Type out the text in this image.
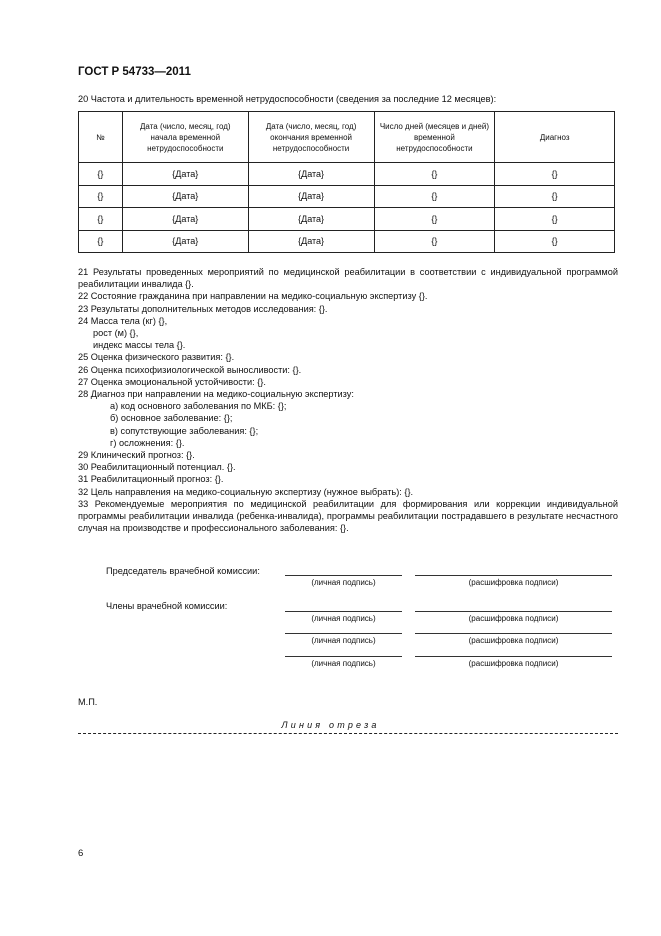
ГОСТ Р 54733—2011
20 Частота и длительность временной нетрудоспособности (сведения за последние 12 месяцев):
№	Дата (число, месяц, год) начала временной нетрудоспособности	Дата (число, месяц, год) окончания временной нетрудоспособности	Число дней (месяцев и дней) временной нетрудоспособности	Диагноз
{}	{Дата}	{Дата}	{}	{}
{}	{Дата}	{Дата}	{}	{}
{}	{Дата}	{Дата}	{}	{}
{}	{Дата}	{Дата}	{}	{}
21 Результаты проведенных мероприятий по медицинской реабилитации в соответствии с индивидуальной программой реабилитации инвалида {}.
22 Состояние гражданина при направлении на медико-социальную экспертизу {}.
23 Результаты дополнительных методов исследования: {}.
24 Масса тела (кг) {},
рост (м) {},
индекс массы тела {}.
25 Оценка физического развития: {}.
26 Оценка психофизиологической выносливости: {}.
27 Оценка эмоциональной устойчивости: {}.
28 Диагноз при направлении на медико-социальную экспертизу:
а) код основного заболевания по МКБ: {};
б) основное заболевание: {};
в) сопутствующие заболевания: {};
г) осложнения: {}.
29 Клинический прогноз: {}.
30 Реабилитационный потенциал. {}.
31 Реабилитационный прогноз: {}.
32 Цель направления на медико-социальную экспертизу (нужное выбрать): {}.
33 Рекомендуемые мероприятия по медицинской реабилитации для формирования или коррекции индивидуальной программы реабилитации инвалида (ребенка-инвалида), программы реабилитации пострадавшего в результате несчастного случая на производстве и профессионального заболевания: {}.
Председатель врачебной комиссии:
(личная подпись)	(расшифровка подписи)
Члены врачебной комиссии:
(личная подпись)	(расшифровка подписи)
(личная подпись)	(расшифровка подписи)
(личная подпись)	(расшифровка подписи)
М.П.
Линия отреза
6
